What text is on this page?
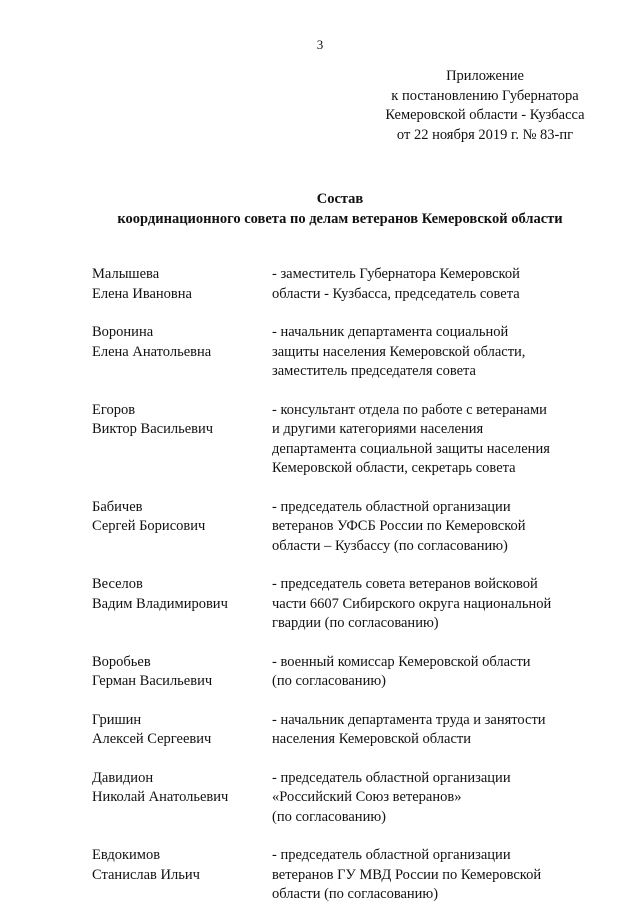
3
Приложение
к постановлению Губернатора
Кемеровской области - Кузбасса
от 22 ноября 2019 г. № 83-пг
Состав
координационного совета по делам ветеранов Кемеровской области
Малышева
Елена Ивановна
- заместитель Губернатора Кемеровской
области - Кузбасса, председатель совета
Воронина
Елена Анатольевна
- начальник департамента социальной
защиты населения Кемеровской области,
заместитель председателя совета
Егоров
Виктор Васильевич
- консультант отдела по работе с ветеранами
и другими категориями населения
департамента социальной защиты населения
Кемеровской области, секретарь совета
Бабичев
Сергей Борисович
- председатель областной организации
ветеранов УФСБ России по Кемеровской
области – Кузбассу (по согласованию)
Веселов
Вадим Владимирович
- председатель совета ветеранов войсковой
части 6607 Сибирского округа национальной
гвардии (по согласованию)
Воробьев
Герман Васильевич
- военный комиссар Кемеровской области
(по согласованию)
Гришин
Алексей Сергеевич
- начальник департамента труда и занятости
населения Кемеровской области
Давидион
Николай Анатольевич
- председатель областной организации
«Российский Союз ветеранов»
(по согласованию)
Евдокимов
Станислав Ильич
- председатель областной организации
ветеранов ГУ МВД России по Кемеровской
области (по согласованию)
